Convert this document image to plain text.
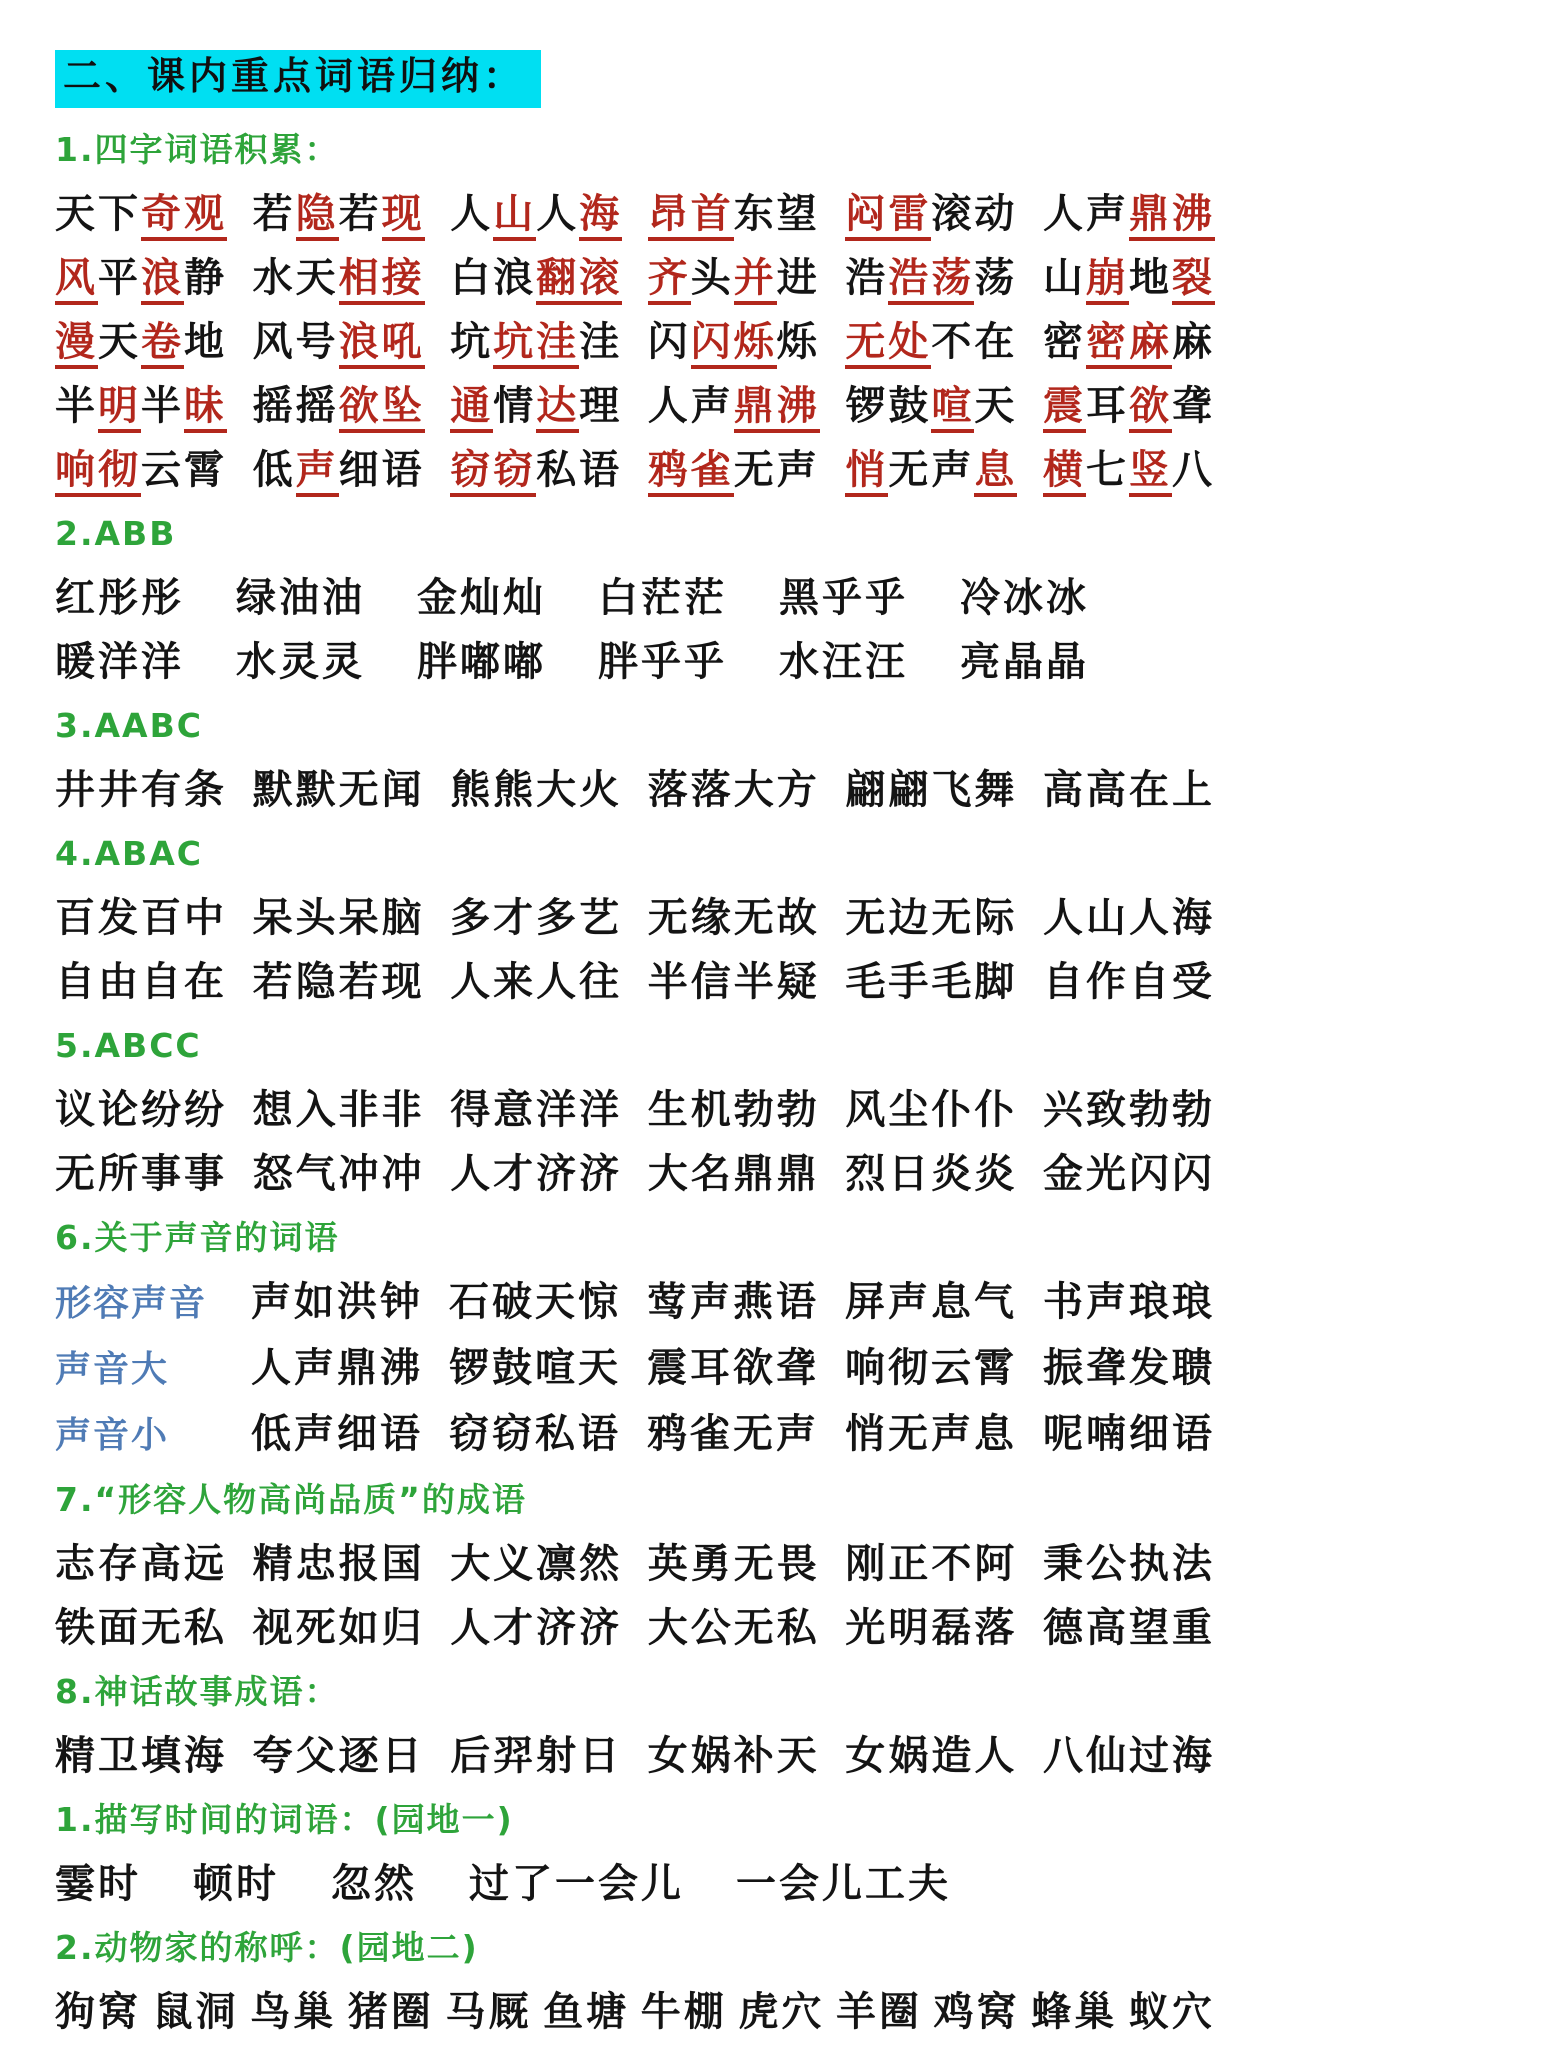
二、课内重点词语归纳：
1.四字词语积累：
天下奇观 若隐若现 人山人海 昂首东望 闷雷滚动 人声鼎沸
风平浪静 水天相接 白浪翻滚 齐头并进 浩浩荡荡 山崩地裂
漫天卷地 风号浪吼 坑坑洼洼 闪闪烁烁 无处不在 密密麻麻
半明半昧 摇摇欲坠 通情达理 人声鼎沸 锣鼓喧天 震耳欲聋
响彻云霄 低声细语 窃窃私语 鸦雀无声 悄无声息 横七竖八
2.ABB
红彤彤 绿油油 金灿灿 白茫茫 黑乎乎 冷冰冰
暖洋洋 水灵灵 胖嘟嘟 胖乎乎 水汪汪 亮晶晶
3.AABC
井井有条 默默无闻 熊熊大火 落落大方 翩翩飞舞 高高在上
4.ABAC
百发百中 呆头呆脑 多才多艺 无缘无故 无边无际 人山人海
自由自在 若隐若现 人来人往 半信半疑 毛手毛脚 自作自受
5.ABCC
议论纷纷 想入非非 得意洋洋 生机勃勃 风尘仆仆 兴致勃勃
无所事事 怒气冲冲 人才济济 大名鼎鼎 烈日炎炎 金光闪闪
6.关于声音的词语
形容声音	声如洪钟 石破天惊 莺声燕语 屏声息气 书声琅琅
声音大	人声鼎沸 锣鼓喧天 震耳欲聋 响彻云霄 振聋发聩
声音小	低声细语 窃窃私语 鸦雀无声 悄无声息 呢喃细语
7.“形容人物高尚品质”的成语
志存高远 精忠报国 大义凛然 英勇无畏 刚正不阿 秉公执法
铁面无私 视死如归 人才济济 大公无私 光明磊落 德高望重
8.神话故事成语：
精卫填海 夸父逐日 后羿射日 女娲补天 女娲造人 八仙过海
1.描写时间的词语：(园地一)
霎时 顿时 忽然 过了一会儿 一会儿工夫
2.动物家的称呼：(园地二)
狗窝 鼠洞 鸟巢 猪圈 马厩 鱼塘 牛棚 虎穴 羊圈 鸡窝 蜂巢 蚁穴
